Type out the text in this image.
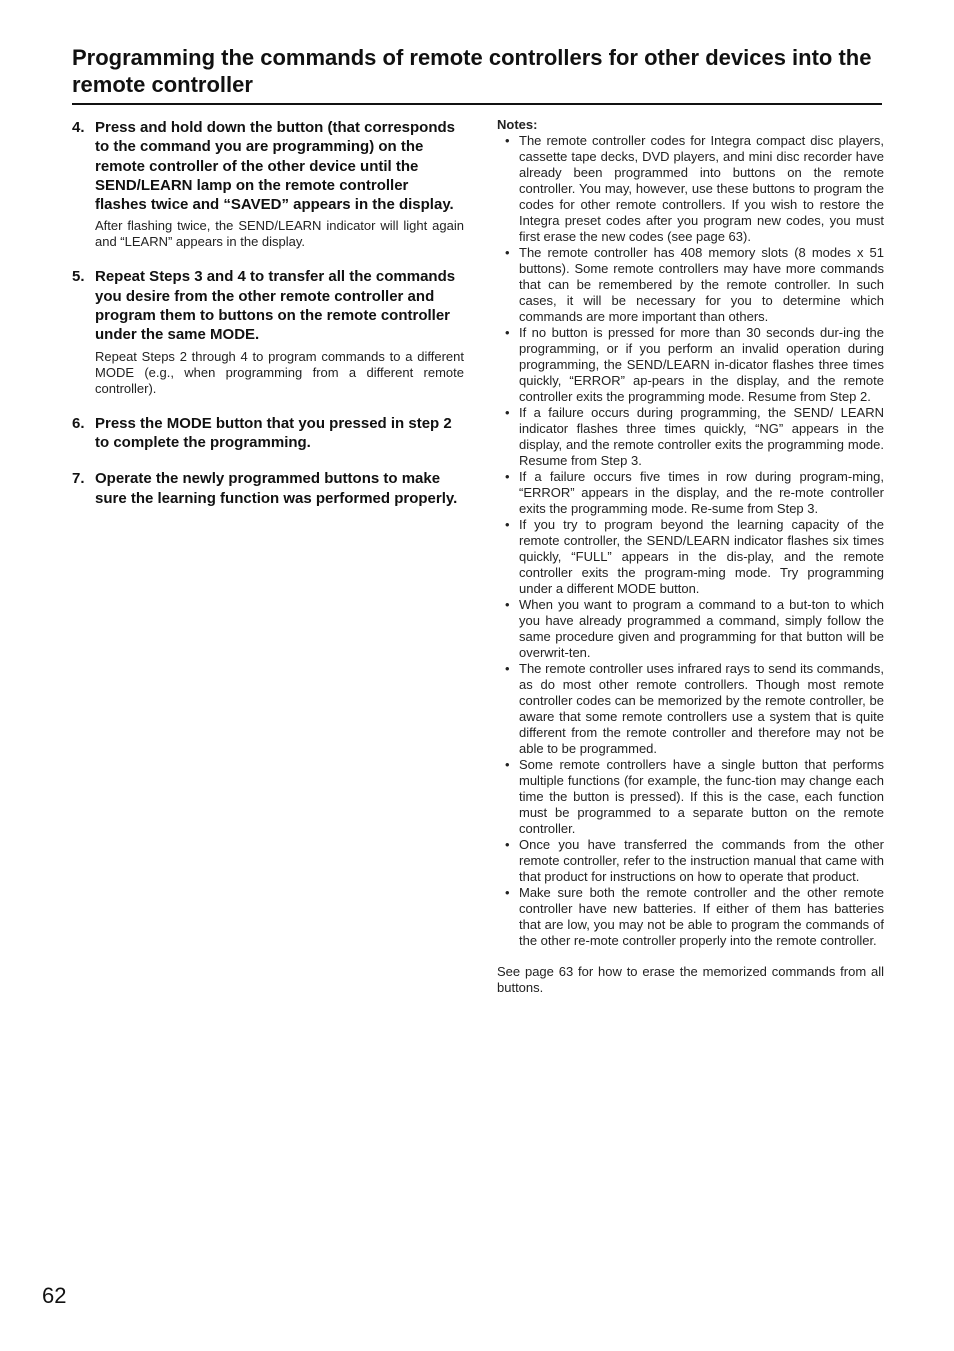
Programming the commands of remote controllers for other devices into the remote controller
4. Press and hold down the button (that corresponds to the command you are programming) on the remote controller of the other device until the SEND/LEARN lamp on the remote controller flashes twice and “SAVED” appears in the display.

After flashing twice, the SEND/LEARN indicator will light again and “LEARN” appears in the display.

5. Repeat Steps 3 and 4 to transfer all the commands you desire from the other remote controller and program them to buttons on the remote controller under the same MODE.

Repeat Steps 2 through 4 to program commands to a different MODE (e.g., when programming from a different remote controller).

6. Press the MODE button that you pressed in step 2 to complete the programming.

7. Operate the newly programmed buttons to make sure the learning function was performed properly.

Notes:

• The remote controller codes for Integra compact disc players, cassette tape decks, DVD players, and mini disc recorder have already been programmed into buttons on the remote controller. You may, however, use these buttons to program the codes for other remote controllers. If you wish to restore the Integra preset codes after you program new codes, you must first erase the new codes (see page 63).
• The remote controller has 408 memory slots (8 modes x 51 buttons). Some remote controllers may have more commands that can be remembered by the remote controller. In such cases, it will be necessary for you to determine which commands are more important than others.
• If no button is pressed for more than 30 seconds dur-ing the programming, or if you perform an invalid operation during programming, the SEND/LEARN in-dicator flashes three times quickly, “ERROR” ap-pears in the display, and the remote controller exits the programming mode. Resume from Step 2.
• If a failure occurs during programming, the SEND/ LEARN indicator flashes three times quickly, “NG” appears in the display, and the remote controller exits the programming mode. Resume from Step 3.
• If a failure occurs five times in row during program-ming, “ERROR” appears in the display, and the re-mote controller exits the programming mode. Re-sume from Step 3.
• If you try to program beyond the learning capacity of the remote controller, the SEND/LEARN indicator flashes six times quickly, “FULL” appears in the dis-play, and the remote controller exits the program-ming mode. Try programming under a different MODE button.
• When you want to program a command to a but-ton to which you have already programmed a command, simply follow the same procedure given and programming for that button will be overwrit-ten.
• The remote controller uses infrared rays to send its commands, as do most other remote controllers. Though most remote controller codes can be memorized by the remote controller, be aware that some remote controllers use a system that is quite different from the remote controller and therefore may not be able to be programmed.
• Some remote controllers have a single button that performs multiple functions (for example, the func-tion may change each time the button is pressed). If this is the case, each function must be programmed to a separate button on the remote controller.
• Once you have transferred the commands from the other remote controller, refer to the instruction manual that came with that product for instructions on how to operate that product.
• Make sure both the remote controller and the other remote controller have new batteries. If either of them has batteries that are low, you may not be able to program the commands of the other re-mote controller properly into the remote controller.

See page 63 for how to erase the memorized commands from all buttons.

62
